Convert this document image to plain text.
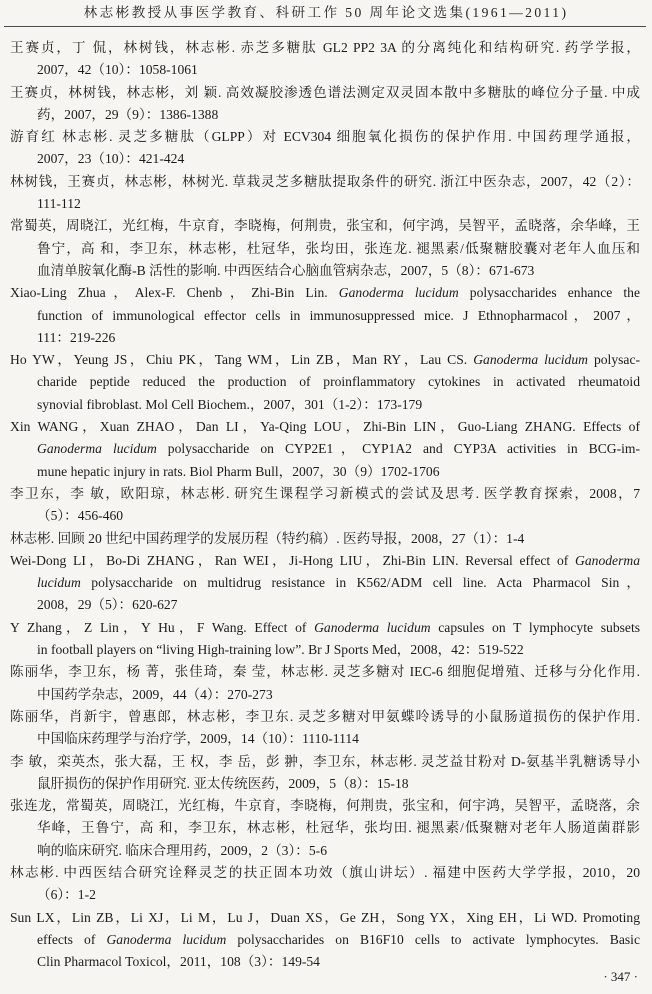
林志彬教授从事医学教育、科研工作 50 周年论文选集(1961—2011)
王赛贞，丁 侃，林树钱，林志彬. 赤芝多糖肽 GL2 PP2 3A 的分离纯化和结构研究. 药学学报，
2007，42（10）：1058-1061
王赛贞，林树钱，林志彬，刘 颖. 高效凝胶渗透色谱法测定双灵固本散中多糖肽的峰位分子量. 中成
药，2007，29（9）：1386-1388
游育红 林志彬. 灵芝多糖肽（GLPP）对 ECV304 细胞氧化损伤的保护作用. 中国药理学通报，
2007，23（10）：421-424
林树钱，王赛贞，林志彬，林树光. 草栽灵芝多糖肽提取条件的研究. 浙江中医杂志，2007，42（2）：
111-112
常蜀英，周晓江，光红梅，牛京育，李晓梅，何荆贵，张宝和，何宇鸿，吴智平，孟晓落，余华峰，王
鲁宁，高 和，李卫东，林志彬，杜冠华，张均田，张连龙. 褪黑素/低聚糖胶囊对老年人血压和
血清单胺氧化酶-B 活性的影响. 中西医结合心脑血管病杂志，2007，5（8）：671-673
Xiao-Ling Zhua，Alex-F. Chenb，Zhi-Bin Lin. Ganoderma lucidum polysaccharides enhance the
function of immunological effector cells in immunosuppressed mice. J Ethnopharmacol，2007，
111：219-226
Ho YW，Yeung JS，Chiu PK，Tang WM，Lin ZB，Man RY，Lau CS. Ganoderma lucidum polysac-
charide peptide reduced the production of proinflammatory cytokines in activated rheumatoid
synovial fibroblast. Mol Cell Biochem.，2007，301（1-2）：173-179
Xin WANG，Xuan ZHAO，Dan LI，Ya-Qing LOU，Zhi-Bin LIN，Guo-Liang ZHANG. Effects of
Ganoderma lucidum polysaccharide on CYP2E1，CYP1A2 and CYP3A activities in BCG-im-
mune hepatic injury in rats. Biol Pharm Bull，2007，30（9）1702-1706
李卫东，李 敏，欧阳琼，林志彬. 研究生课程学习新模式的尝试及思考. 医学教育探索，2008，7
（5）：456-460
林志彬. 回顾 20 世纪中国药理学的发展历程（特约稿）. 医药导报，2008，27（1）：1-4
Wei-Dong LI，Bo-Di ZHANG，Ran WEI，Ji-Hong LIU，Zhi-Bin LIN. Reversal effect of Ganoderma
lucidum polysaccharide on multidrug resistance in K562/ADM cell line. Acta Pharmacol Sin，
2008，29（5）：620-627
Y Zhang，Z Lin，Y Hu，F Wang. Effect of Ganoderma lucidum capsules on T lymphocyte subsets
in football players on “living High-training low”. Br J Sports Med，2008，42：519-522
陈丽华，李卫东，杨 菁，张佳琦，秦 莹，林志彬. 灵芝多糖对 IEC-6 细胞促增殖、迁移与分化作用.
中国药学杂志，2009，44（4）：270-273
陈丽华，肖新宇，曾惠郎，林志彬，李卫东. 灵芝多糖对甲氨蝶呤诱导的小鼠肠道损伤的保护作用.
中国临床药理学与治疗学，2009，14（10）：1110-1114
李 敏，栾英杰，张大磊，王 权，李 岳，彭 翀，李卫东，林志彬. 灵芝益甘粉对 D-氨基半乳糖诱导小
鼠肝损伤的保护作用研究. 亚太传统医药，2009，5（8）：15-18
张连龙，常蜀英，周晓江，光红梅，牛京育，李晓梅，何荆贵，张宝和，何宇鸿，吴智平，孟晓落，余
华峰，王鲁宁，高 和，李卫东，林志彬，杜冠华，张均田. 褪黑素/低聚糖对老年人肠道菌群影
响的临床研究. 临床合理用药，2009，2（3）：5-6
林志彬. 中西医结合研究诠释灵芝的扶正固本功效（旗山讲坛）. 福建中医药大学学报，2010，20
（6）：1-2
Sun LX，Lin ZB，Li XJ，Li M，Lu J，Duan XS，Ge ZH，Song YX，Xing EH，Li WD. Promoting
effects of Ganoderma lucidum polysaccharides on B16F10 cells to activate lymphocytes. Basic
Clin Pharmacol Toxicol，2011，108（3）：149-54
· 347 ·
